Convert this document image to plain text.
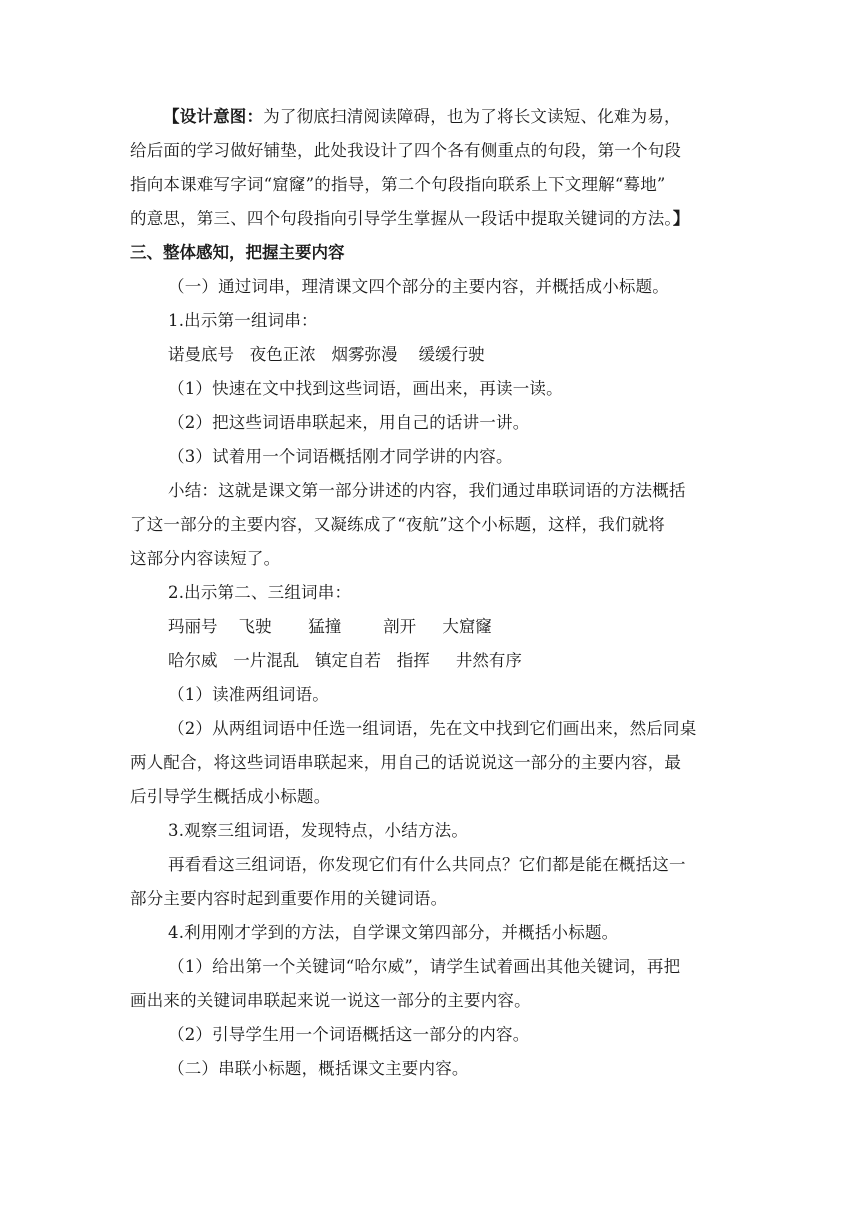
【设计意图：为了彻底扫清阅读障碍，也为了将长文读短、化难为易，
给后面的学习做好铺垫，此处我设计了四个各有侧重点的句段，第一个句段
指向本课难写字词“窟窿”的指导，第二个句段指向联系上下文理解“蓦地”
的意思，第三、四个句段指向引导学生掌握从一段话中提取关键词的方法。】
三、整体感知，把握主要内容
（一）通过词串，理清课文四个部分的主要内容，并概括成小标题。
1.出示第一组词串：
诺曼底号   夜色正浓   烟雾弥漫    缓缓行驶
（1）快速在文中找到这些词语，画出来，再读一读。
（2）把这些词语串联起来，用自己的话讲一讲。
（3）试着用一个词语概括刚才同学讲的内容。
小结：这就是课文第一部分讲述的内容，我们通过串联词语的方法概括
了这一部分的主要内容，又凝练成了“夜航”这个小标题，这样，我们就将
这部分内容读短了。
2.出示第二、三组词串：
玛丽号    飞驶       猛撞        剖开     大窟窿
哈尔威   一片混乱   镇定自若   指挥     井然有序
（1）读准两组词语。
（2）从两组词语中任选一组词语，先在文中找到它们画出来，然后同桌
两人配合，将这些词语串联起来，用自己的话说说这一部分的主要内容，最
后引导学生概括成小标题。
3.观察三组词语，发现特点，小结方法。
再看看这三组词语，你发现它们有什么共同点？它们都是能在概括这一
部分主要内容时起到重要作用的关键词语。
4.利用刚才学到的方法，自学课文第四部分，并概括小标题。
（1）给出第一个关键词“哈尔威”，请学生试着画出其他关键词，再把
画出来的关键词串联起来说一说这一部分的主要内容。
（2）引导学生用一个词语概括这一部分的内容。
（二）串联小标题，概括课文主要内容。
